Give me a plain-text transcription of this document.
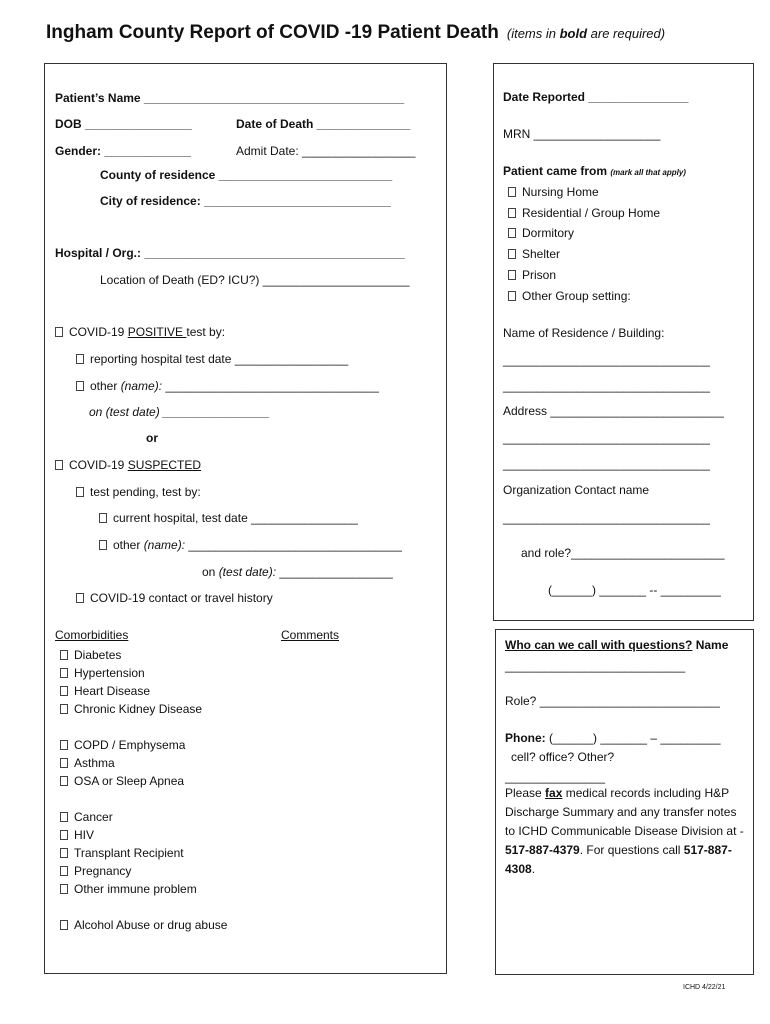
Ingham County Report of COVID -19 Patient Death (items in bold are required)
Patient’s Name _______________________________________
DOB ________________	Date of Death ______________
Gender: _____________	Admit Date: _________________
County of residence __________________________
City of residence: ____________________________
Hospital / Org.: _______________________________________
Location of Death (ED? ICU?) ______________________
COVID-19 POSITIVE test by:
reporting hospital test date _________________
other (name): ________________________________
on (test date) ________________
or
COVID-19 SUSPECTED
test pending, test by:
current hospital, test date ________________
other (name): ________________________________
on (test date): _________________
COVID-19 contact or travel history
Comorbidities	Comments
Diabetes
Hypertension
Heart Disease
Chronic Kidney Disease
COPD / Emphysema
Asthma
OSA or Sleep Apnea
Cancer
HIV
Transplant Recipient
Pregnancy
Other immune problem
Alcohol Abuse or drug abuse
Date Reported _______________
MRN ___________________
Patient came from (mark all that apply)
Nursing Home
Residential / Group Home
Dormitory
Shelter
Prison
Other Group setting:
Name of Residence / Building:
_______________________________
_______________________________
Address __________________________
_______________________________
_______________________________
Organization Contact name
_______________________________
and role?_______________________
(______) _______ -- _________
Who can we call with questions? Name
___________________________
Role? ___________________________
Phone: (______) _______ – _________
cell? office? Other?
_______________
Please fax medical records including H&P Discharge Summary and any transfer notes to ICHD Communicable Disease Division at - 517-887-4379. For questions call 517-887-4308.
ICHD 4/22/21
